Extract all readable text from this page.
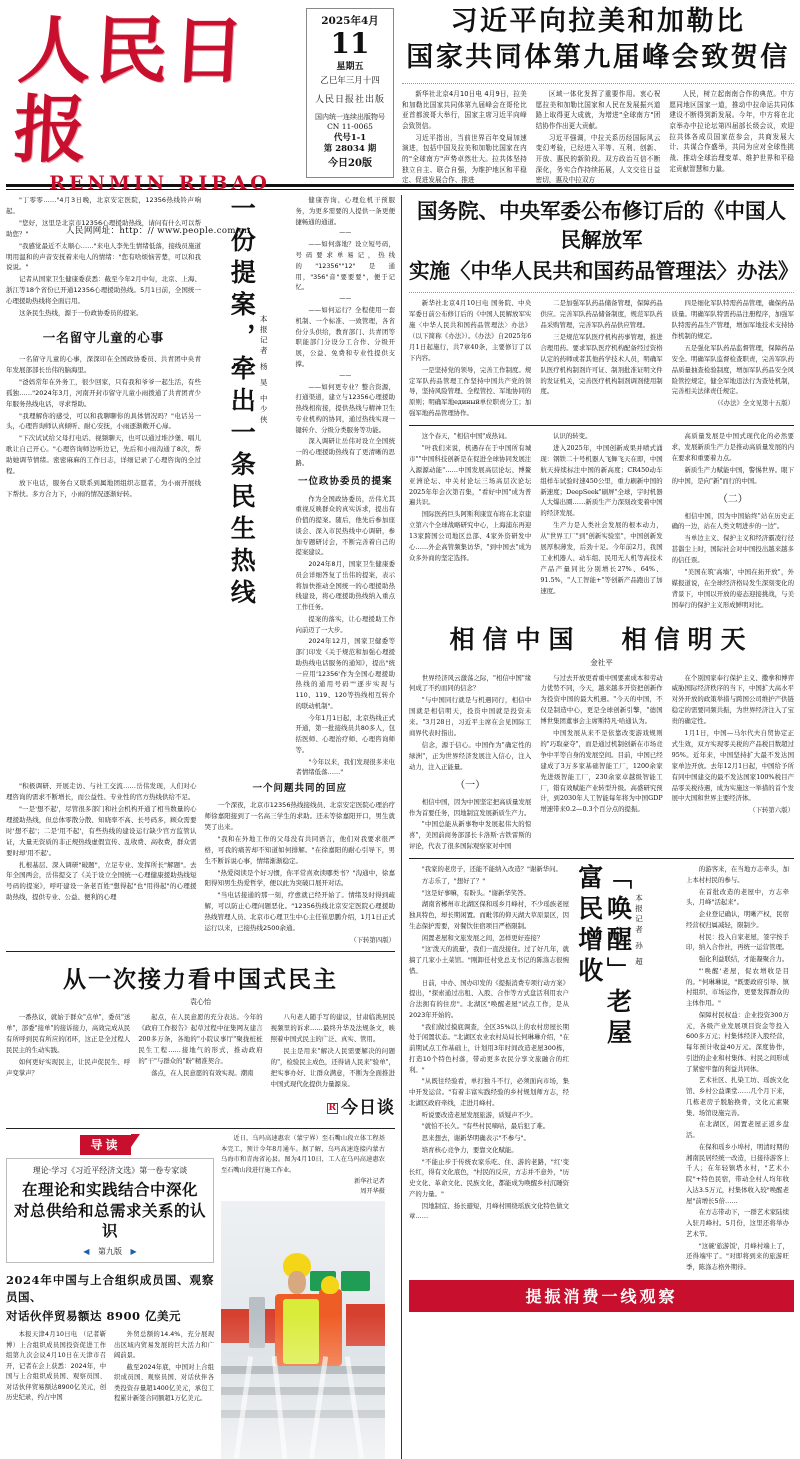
人民日报
RENMIN RIBAO
人民网网址：http：// www.people.com.cn
2025年4月
11
星期五
乙巳年三月十四
人民日报社出版
国内统一连续出版物号
CN 11-0065
代号1-1
第 28034 期
今日20版
习近平向拉美和加勒比
国家共同体第九届峰会致贺信

新华社北京4月10日电 4月9日，拉美和加勒比国家共同体第九届峰会在哥伦比亚首都波哥大举行，国家主席习近平向峰会致贺信。

习近平指出，当前世界百年变局加速演进，包括中国及拉美和加勒比国家在内的"全球南方"声势卓然壮大。拉共体坚持独立自主、联合自强，为维护地区和平稳定、促进发展合作、推进

区域一体化发挥了重要作用。衷心祝愿拉美和加勒比国家和人民在发展振兴道路上取得更大成就，为增进"全球南方"团结协作作出更大贡献。

习近平强调，中拉关系历经国际风云变幻考验，已经进入平等、互利、创新、开放、惠民的新阶段。双方政治互信不断深化，务实合作持续拓展，人文交往日益密切，惠及中拉双方

人民，树立起南南合作的典范。中方愿同地区国家一道，推动中拉命运共同体建设不断得到新发展。今年，中方将在北京举办中拉论坛第四届部长级会议，欢迎拉共体各成员国家莅参会，共商发展大计、共谋合作盛举，共同为应对全球性挑战、推动全球治理变革、维护世界和平稳定贡献智慧和力量。

"丁零零……"4月3日晚，北京安定医院，12356热线铃声响起。

"您好，这里是北京市12356心理援助热线，请问有什么可以帮助您？"

"我感觉最近不太顺心……"来电人李先生情绪低落，接线员施道明用温和的声音安抚着来电人的情绪："您有啥烦恼苦楚，可以和我说说。"

记者从国家卫生健康委获悉：截至今年2月中旬，北京、上海、浙江等18个省份已开通12356心理援助热线。5月1日前，全国统一心理援助热线将全面启用。

这条民生热线，源于一份政协委员的提案。

一名留守儿童的心事

一名留守儿童的心事，深深印在全国政协委员、共青团中央青年发展部部长岳伟的脑海里。

"爸妈常年在外务工，很少回家，只有我和爷爷一起生活，有些孤独……"2024年3月，河南开封市留守儿童小雨拨通了共青团青少年服务热线电话，寻求帮助。

"我理解你的感受，可以和我聊聊你的具体情况吗？"电话另一头，心理咨询师认真倾听、耐心安抚，小雨逐渐敞开心扉。

"下次试试给父母打电话、视频聊天，也可以通过堆沙堡、唱儿歌让自己开心。"心理咨询师边听边记，先后和小雨沟通了8次，帮助她调节情绪。密密麻麻的工作日志，详细记录了心理咨询的全过程。

放下电话，服务台又联系到属地团组织志愿者，为小雨开展线下帮扶。多方合力下，小雨的情况逐渐好转。	一份提案，牵出一条民生热线 本报记者 杨 昊 中少侠

健康咨询、心理危机干预服务，为更多需要的人提供一条更便捷畅通的通道。

——

——如何落地？设立短号码，号码要求单易记，热线的"12356""12"是通用，"356"音"要要要"，便于记忆。

——

——如何运行？全程使用一套机制、一个标准、一致管理，各省份分头供给，教育部门、共青团等职能部门分设分工合作、分级开展，公益、免费和专业性提供支撑。

——

——如何更专业？整合资源，打通渠道，建立与12356心理援助热线相衔接，提供热线与精神卫生专业机构的协同，通过热线实现一键转介、分级分类服务等功能。

深入调研让岳伟对设立全国统一的心理援助热线有了更清晰的思路。

一位政协委员的提案

作为全国政协委员，岳伟尤其重视反映群众的真实诉求，提出有价值的提案。随后，他先后参加座谈会、深入市民热线中心调研，参加专题研讨会，不断完善着自己的提案建议。

2024年8月，国家卫生健康委员会详细答复了岳伟的提案，表示将加快推动全国统一的心理援助热线建设，将心理援助热线纳入重点工作任务。

提案的落实，让心理援助工作向前迈了一大步。

2024年12月，国家卫健委等部门印发《关于规范和加强心理援助热线电话服务的通知》，提出"统一应用'12356'作为全国心理援助热线的通用号码""逐步实现与110、119、120等热线相互转介的联动机制"。

今年1月1日起，北京热线正式开通，第一批接线员共80多人，包括医师、心理治疗师、心理咨询师等。

"今年以来，我们发现很多来电者情绪低落……"

"积极调研、开展走访、与社工交流……岳伟发现，人们对心理咨询的需求不断增长，而公益性、专业性的官方热线供给不足。

"一是'想不起'，尽管很多部门和社会机构开通了相当数量的心理援助热线，但总体零散分散、知晓率不高、长号码多，顾众需要时'想不起'；二是'用不起'，有些热线的建设运行缺少官方监管认证，大量无资质的非正规热线虚假宣传、乱收费、高收费，群众需要时却'用不起'。

扎根基层、深入调研"破题"，立足专业、发挥所长"解题"。去年全国两会，岳伟提交了《关于设立全国统一心理健康援助热线短号码的提案》，呼吁建设一条老百姓"想得起"也"用得起"的心理援助热线，提供专业、公益、便利的心理

一个问题共同的回应

一个深夜，北京市12356热线接线员、北京安定医院心理治疗师徐嘉阳接到了一名高三学生的求助。还未等徐嘉阳开口，男生就哭了出来。

"我和在外地工作的父母没有共同语言，他们对我要求很严格，可我的痛苦却不知道如何排解。"在徐嘉阳的耐心引导下，男生不断诉说心事，情绪渐渐稳定。

"热爱阅读是个好习惯，你平常喜欢读哪类书？"沟通中，徐嘉阳得知男生热爱哲学，便以此为突破口展开对话。

"当电话接通的那一刻，疗愈就已经开始了。情绪及时得到疏解，可以防止心理问题恶化。"12356热线北京安定医院心理援助热线管理人员、北京市心理卫生中心主任崔思鹏介绍，1月1日正式运行以来，已接热线2500余通。

（下转第四版）
从一次接力看中国式民主
袁心怡

一番热议，就始于群众"点单"，委员"送单"，部委"接单"的接诉接力，高效完成从民有所呼到民有所应的闭环，这正是全过程人民民主的生动实践。

如何更好实现民主，让民声促民生、呼声变掌声？

起点，在人民意愿的充分表达。今年的《政府工作报告》起草过程中征集网友建言200多万条，各地的"小院议事厅"聚拢桩桩民生工程……接地气的形式，推动政府的"干"与群众的"盼"精准契合。

落点，在人民意愿的有效实现。潮南

八句老人随手写的建议，甘肃临洮居民视频里的诉求……最终升华及法规条文，映照着中国式民主的广泛、真实、管用。

民主是用来"解决人民需要解决的问题的"，检验民主成色，还得请人民来"验单"，把实事办好、让群众满意，不断为全面推进中国式现代化提供力量源泉。

R 今日谈
导读
理论·学习《习近平经济文选》第一卷专家谈
在理论和实践结合中深化
对总供给和总需求关系的认识
◀ 第九版 ▶
2024年中国与上合组织成员国、观察员国、
对话伙伴贸易额达 8900 亿美元

本报天津4月10日电 （记者靳博）上合组织成员国投资促进工作组第九次会议4月10日在天津市召开，记者在会上获悉：2024年，中国与上合组织成员国、观察员国、对话伙伴贸易额达8900亿美元，创历史纪录，约占中国

外贸总额的14.4%，充分展现出区域内贸易发展的巨大活力和广阔前景。

截至2024年底，中国对上合组织成员国、观察员国、对话伙伴各类投资存量超1400亿美元，承包工程累计新签合同额超1万亿美元。

近日，乌玛高速惠农（蒙宁界）至石嘴山段立体工程基本完工，预计今年8月通车。据了解，乌玛高速连接内蒙古乌海市和青海省沁县。图为4月10日，工人在乌玛高速惠农至石嘴山段进行施工作业。

新华社记者
周开华摄
国务院、中央军委公布修订后的《中国人民解放军
实施〈中华人民共和国药品管理法〉办法》

新华社北京4月10日电 国务院、中央军委日前公布修订后的《中国人民解放军实施〈中华人民共和国药品管理法〉办法》（以下简称《办法》）。《办法》自2025年6月1日起施行，共7章40条，主要修订了以下内容。

一是坚持党的领导，完善工作制度。规定军队药品管理工作坚持中国共产党的领导，坚持风险管理、全程管控、军地协同的原则；明确军地единый单位职责分工；加强军地药品管理协作。

二是加强军队药品储备管理，保障药品供应。完善军队药品储备制度，规范军队药品采购管理，完善军队药品供应管理。

三是规范军队医疗机构药事管理，推进合理用药。要求军队医疗机构配备经过资格认定的药师或者其他药学技术人员，明确军队医疗机构制剂许可证、制剂批准证明文件的发证机关，完善医疗机构制剂调剂使用制度。

四是细化军队特需药品管理，确保药品质量。明确军队特需药品注册程序，加强军队特需药品生产管理，增加军地技术支持协作机制的规定。

五是强化军队药品监督管理，保障药品安全。明确军队监督检查职责，完善军队药品质量抽查检验制度，增加军队药品安全风险管控规定，健全军地违法行为查处机制，完善相关法律责任规定。

（《办法》全文见第十五版）

这个春天，"相信中国"成热词。

"叶我们来说，机遇存在于中国所有城市""中国科技创新是在促进全球协同发展注入源源动能"……中国发展高层论坛、博鳌亚洲论坛、中关村论坛三场高层次论坛2025年年会次第召集，"看好中国"成为普遍共识。

国际医药巨头阿斯利康宣布将在北京建立第六个全球战略研究中心，上海浦东再迎13家跨国公司地区总部、4家外资研发中心……外企高管频集访华，"到中国去"成为众多外商的坚定选择。

认识的转变。

进入2025年，中国创新成果并喷式涌现：钢铁二十号机器人飞舞飞天在即，中国航天持续标注中国的新高度；CR450动车组样车试验时速450公里，重力刷新中国的新速度；DeepSeek"刷屏"全球，宇时机器人大爆出圈……新质生产力深刻改变着中国的经济发展。

生产力是人类社会发展的根本动力，从"世界工厂"到"创新实验室"，中国创新发展厚积薄发，后劲十足。今年前2月，我国工业机器人、动车组、民用无人机等高技术产品产量同比分别增长27%、64%、91.5%，"人工智能+"等创新产品跑出了加速度。

高质量发展是中国式现代化的必然要求，发展新质生产力是推动高质量发展的内在要求和重要着力点。

新质生产力赋能中国，警惕世界。眼下的中国，是向"新"而行的中国。

（二）

相信中国，因为中国始终"站在历史正确的一边，站在人类文明进步的一边"。

当单边主义、保护主义和经济霸凌行径甚嚣尘上时，国际社会对中国投出越来越多的信任票。

"美国在筑'高墙'，中国在拓开放"，外媒报道说，在全球经济格局发生深刻变化的背景下，中国以开放的姿态迎接挑战，与美国奉行的保护主义形成鲜明对比。

相信中国 相信明天
金社平

世界经济风云激荡之际，"相信中国"缘何成了不约而同的信念？

"与中国同行就是与机遇同行，相信中国就是相信明天，投资中国就是投资未来。"3月28日，习近平主席在会见国际工商界代表时指出。

信念，源于信心。中国作为"确定性的绿洲"，正为世界经济发展注入信心，注入动力，注入正能量。

（一）

相信中国，因为中国坚定把高质量发展作为首要任务，因地制宜发展新质生产力。

"中国总能从新事物中发展起伟大的惊喜"，美国前商务部部长卡洛斯·古铁雷斯的评论，代表了很多国际观察家对中国

与过去开放更看重中国要素成本和劳动力优势不同，今天，越来越多开资把创新作为投资中国的最大机遇。"今天的中国，不仅是制造中心，更是全球创新引擎，"德国博世集团董事会主席斯特凡·哈通认为。

中国发展从来不是依靠改变游戏规则的"巧取豪夺"，而是通过机制创新在市场竞争中平等自身的发展空间。目前，中国已经建成了3万多家基础智能工厂，1200余家先进级智能工厂，230余家卓越级智能工厂，错有效赋能产业转型升级。高盛研究预计，到2030年人工智能每年将为中国GDP增速带来0.2—0.3个百分点的提振。

在个别国家奉行保护主义、撒拳和博弈威胁国际经济秩序的当下，中国扩大高水平对外开放的政策举措与跨国公司维护产供链稳定的需要同频共振，为世界经济注入了宝贵的确定性。

1月1日，中国—马尔代夫自贸协定正式生效，双方实现零关税的产品税目数超过95%。近年来，中国坚持扩大最不发达国家单边开放。去年12月1日起，中国给予所有同中国建交的最不发达国家100%税目产品零关税待遇，成为实施这一举措的首个发展中大国和世界主要经济体。

（下转第六版）

"我家的老房子，还能不能纳入改造？"谢新华问。

方志乐了，"想好了？"

"这是好事嘛，有盼头。"谢新华笑答。

湖南省郴州市北湖区保和瑶乡月峰村，不少瑶族老屋独具特色，却长期闲置。而毗邻的仰天湖大草原景区，因生态保护需要，对餐饮住宿项目严格限制。

闲置老屋和文旅发展之间，怎样更好连接？

"这'泼天的流量'，我们一直没接住。过了好几年，就搞了几家小土菜馆。"刚卸任村党总支书记的陈涤志很惋惜。

日前，中办、国办印发的《提振消费专项行动方案》提出，"探索通过出租、入股、合作等方式盘活利用农户合法拥有的住房"。北湖区"唤醒老屋"试点工作，是从2023年开始的。

"我们做过摸底调查，全区35%以上的农村房屋长期处于闲置状态。"北湖区农业农村局局长何琳琳介绍，"在前期试点工作基础上，计划用3年时间改造老屋300栋，打造10个特色村落，带动更多农民分享文旅融合的红利。"

"从既往经验看，单打独斗不行，必须面向市场，集中开发运营。"有着丰富实践经验的乡村规划师方志，经北湖区政府牵线，走进月峰村。

听说要改造老屋发展旅游，质疑声不少。

"就怕不长久。"有些村民嘀咕，最后犯了难。

思来想去，谢新华明确表示"不参与"。

培育核心竞争力，要靠文化赋能。

"不能止步于传统农家乐吃、住、游的老路，"红'变长红，得有文化底色，"村民的反应，方志并不意外，"历史文化、革命文化、民族文化，都能成为唤醒乡村沉睡资产的力量。"

因地制宜、扬长避短，月峰村围绕瑶族文化特色做文章……

「唤醒」老屋 富民增收	本报记者 孙 超

的游客来，在当地方志牵头，加上本村村民的参与。

在首批改造的老屋中，方志牵头，月峰"活起来"。

企业登记确认，明晰产权，民宿经营权归属减轻，限制少。

村民：投入自家老屋，签字按手印，纳入合作社，再统一运营管理。

强化利益联结，才能凝聚合力。

"'唤醒'老屋，促农增收是目的。"何琳琳说，"既要政府引导、镇村组织、市场运作，更要发挥群众的主体作用。"

保障村民权益：企业投资300万元，各级产业发展项目资金等投入600多万元；村集体经济入股经营，每年预计收益40万元。深度协作，引进的企业和村集体、村民之间形成了紧密牢靠的利益共同体。

艺术社区、扎染工坊、瑶族文化馆、乡村公益课堂……几个月下来，几栋老房子脱胎换骨，文化元素聚集、场馆设施完善。

在北湖区，闲置老屋正返乡盘活。

在保和瑶乡小埠村，明清时期的湘南民居经统一改造，日接待游客上千人；在年轻镇塔水村，"艺术小院"+特色民宿，带动全村人均年收入达3.5万元，村集体收入较"唤醒老屋"前增长5倍……

在方志带动下，一群艺术家陆续入驻月峰村。5月份，这里还将举办艺术节。

"这碗'旅游饭'，月峰村端上了，还得端牢了。"对即将到来的旅游旺季，陈涤志格外期待。

提振消费一线观察
